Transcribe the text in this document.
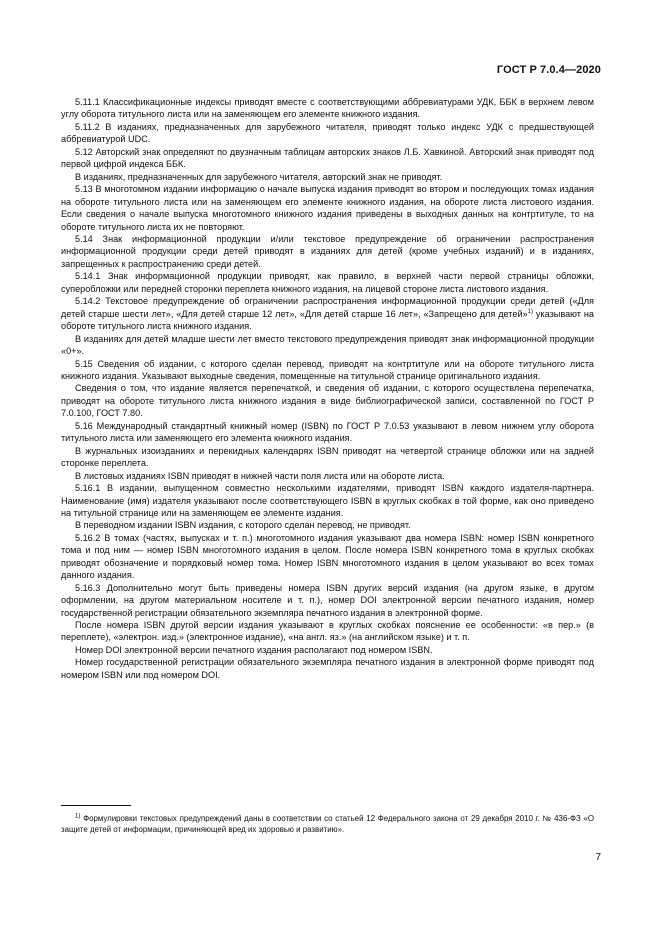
ГОСТ Р 7.0.4—2020

5.11.1 Классификационные индексы приводят вместе с соответствующими аббревиатурами УДК, ББК в верхнем левом углу оборота титульного листа или на заменяющем его элементе книжного издания.

5.11.2 В изданиях, предназначенных для зарубежного читателя, приводят только индекс УДК с предшествующей аббревиатурой UDC.

5.12 Авторский знак определяют по двузначным таблицам авторских знаков Л.Б. Хавкиной. Авторский знак приводят под первой цифрой индекса ББК.

В изданиях, предназначенных для зарубежного читателя, авторский знак не приводят.

5.13 В многотомном издании информацию о начале выпуска издания приводят во втором и последующих томах издания на обороте титульного листа или на заменяющем его элементе книжного издания, на обороте листа листового издания. Если сведения о начале выпуска многотомного книжного издания приведены в выходных данных на контртитуле, то на обороте титульного листа их не повторяют.

5.14 Знак информационной продукции и/или текстовое предупреждение об ограничении распространения информационной продукции среди детей приводят в изданиях для детей (кроме учебных изданий) и в изданиях, запрещенных к распространению среди детей.

5.14.1 Знак информационной продукции приводят, как правило, в верхней части первой страницы обложки, суперобложки или передней сторонки переплета книжного издания, на лицевой стороне листа листового издания.

5.14.2 Текстовое предупреждение об ограничении распространения информационной продукции среди детей («Для детей старше шести лет», «Для детей старше 12 лет», «Для детей старше 16 лет», «Запрещено для детей»$^{1)}$ указывают на обороте титульного листа книжного издания.

В изданиях для детей младше шести лет вместо текстового предупреждения приводят знак информационной продукции «0+».

5.15 Сведения об издании, с которого сделан перевод, приводят на контртитуле или на обороте титульного листа книжного издания. Указывают выходные сведения, помещенные на титульной странице оригинального издания.

Сведения о том, что издание является перепечаткой, и сведения об издании, с которого осуществлена перепечатка, приводят на обороте титульного листа книжного издания в виде библиографической записи, составленной по ГОСТ Р 7.0.100, ГОСТ 7.80.

5.16 Международный стандартный книжный номер (ISBN) по ГОСТ Р 7.0.53 указывают в левом нижнем углу оборота титульного листа или заменяющего его элемента книжного издания.

В журнальных изоизданиях и перекидных календарях ISBN приводят на четвертой странице обложки или на задней сторонке переплета.

В листовых изданиях ISBN приводят в нижней части поля листа или на обороте листа.

5.16.1 В издании, выпущенном совместно несколькими издателями, приводят ISBN каждого издателя-партнера. Наименование (имя) издателя указывают после соответствующего ISBN в круглых скобках в той форме, как оно приведено на титульной странице или на заменяющем ее элементе издания.

В переводном издании ISBN издания, с которого сделан перевод, не приводят.

5.16.2 В томах (частях, выпусках и т. п.) многотомного издания указывают два номера ISBN: номер ISBN конкретного тома и под ним — номер ISBN многотомного издания в целом. После номера ISBN конкретного тома в круглых скобках приводят обозначение и порядковый номер тома. Номер ISBN многотомного издания в целом указывают во всех томах данного издания.

5.16.3 Дополнительно могут быть приведены номера ISBN других версий издания (на другом языке, в другом оформлении, на другом материальном носителе и т. п.), номер DOI электронной версии печатного издания, номер государственной регистрации обязательного экземпляра печатного издания в электронной форме.

После номера ISBN другой версии издания указывают в круглых скобках пояснение ее особенности: «в пер.» (в переплете), «электрон. изд.» (электронное издание), «на англ. яз.» (на английском языке) и т. п.

Номер DOI электронной версии печатного издания располагают под номером ISBN.

Номер государственной регистрации обязательного экземпляра печатного издания в электронной форме приводят под номером ISBN или под номером DOI.

$^{1)}$ Формулировки текстовых предупреждений даны в соответствии со статьей 12 Федерального закона от 29 декабря 2010 г. № 436-ФЗ «О защите детей от информации, причиняющей вред их здоровью и развитию».

7
